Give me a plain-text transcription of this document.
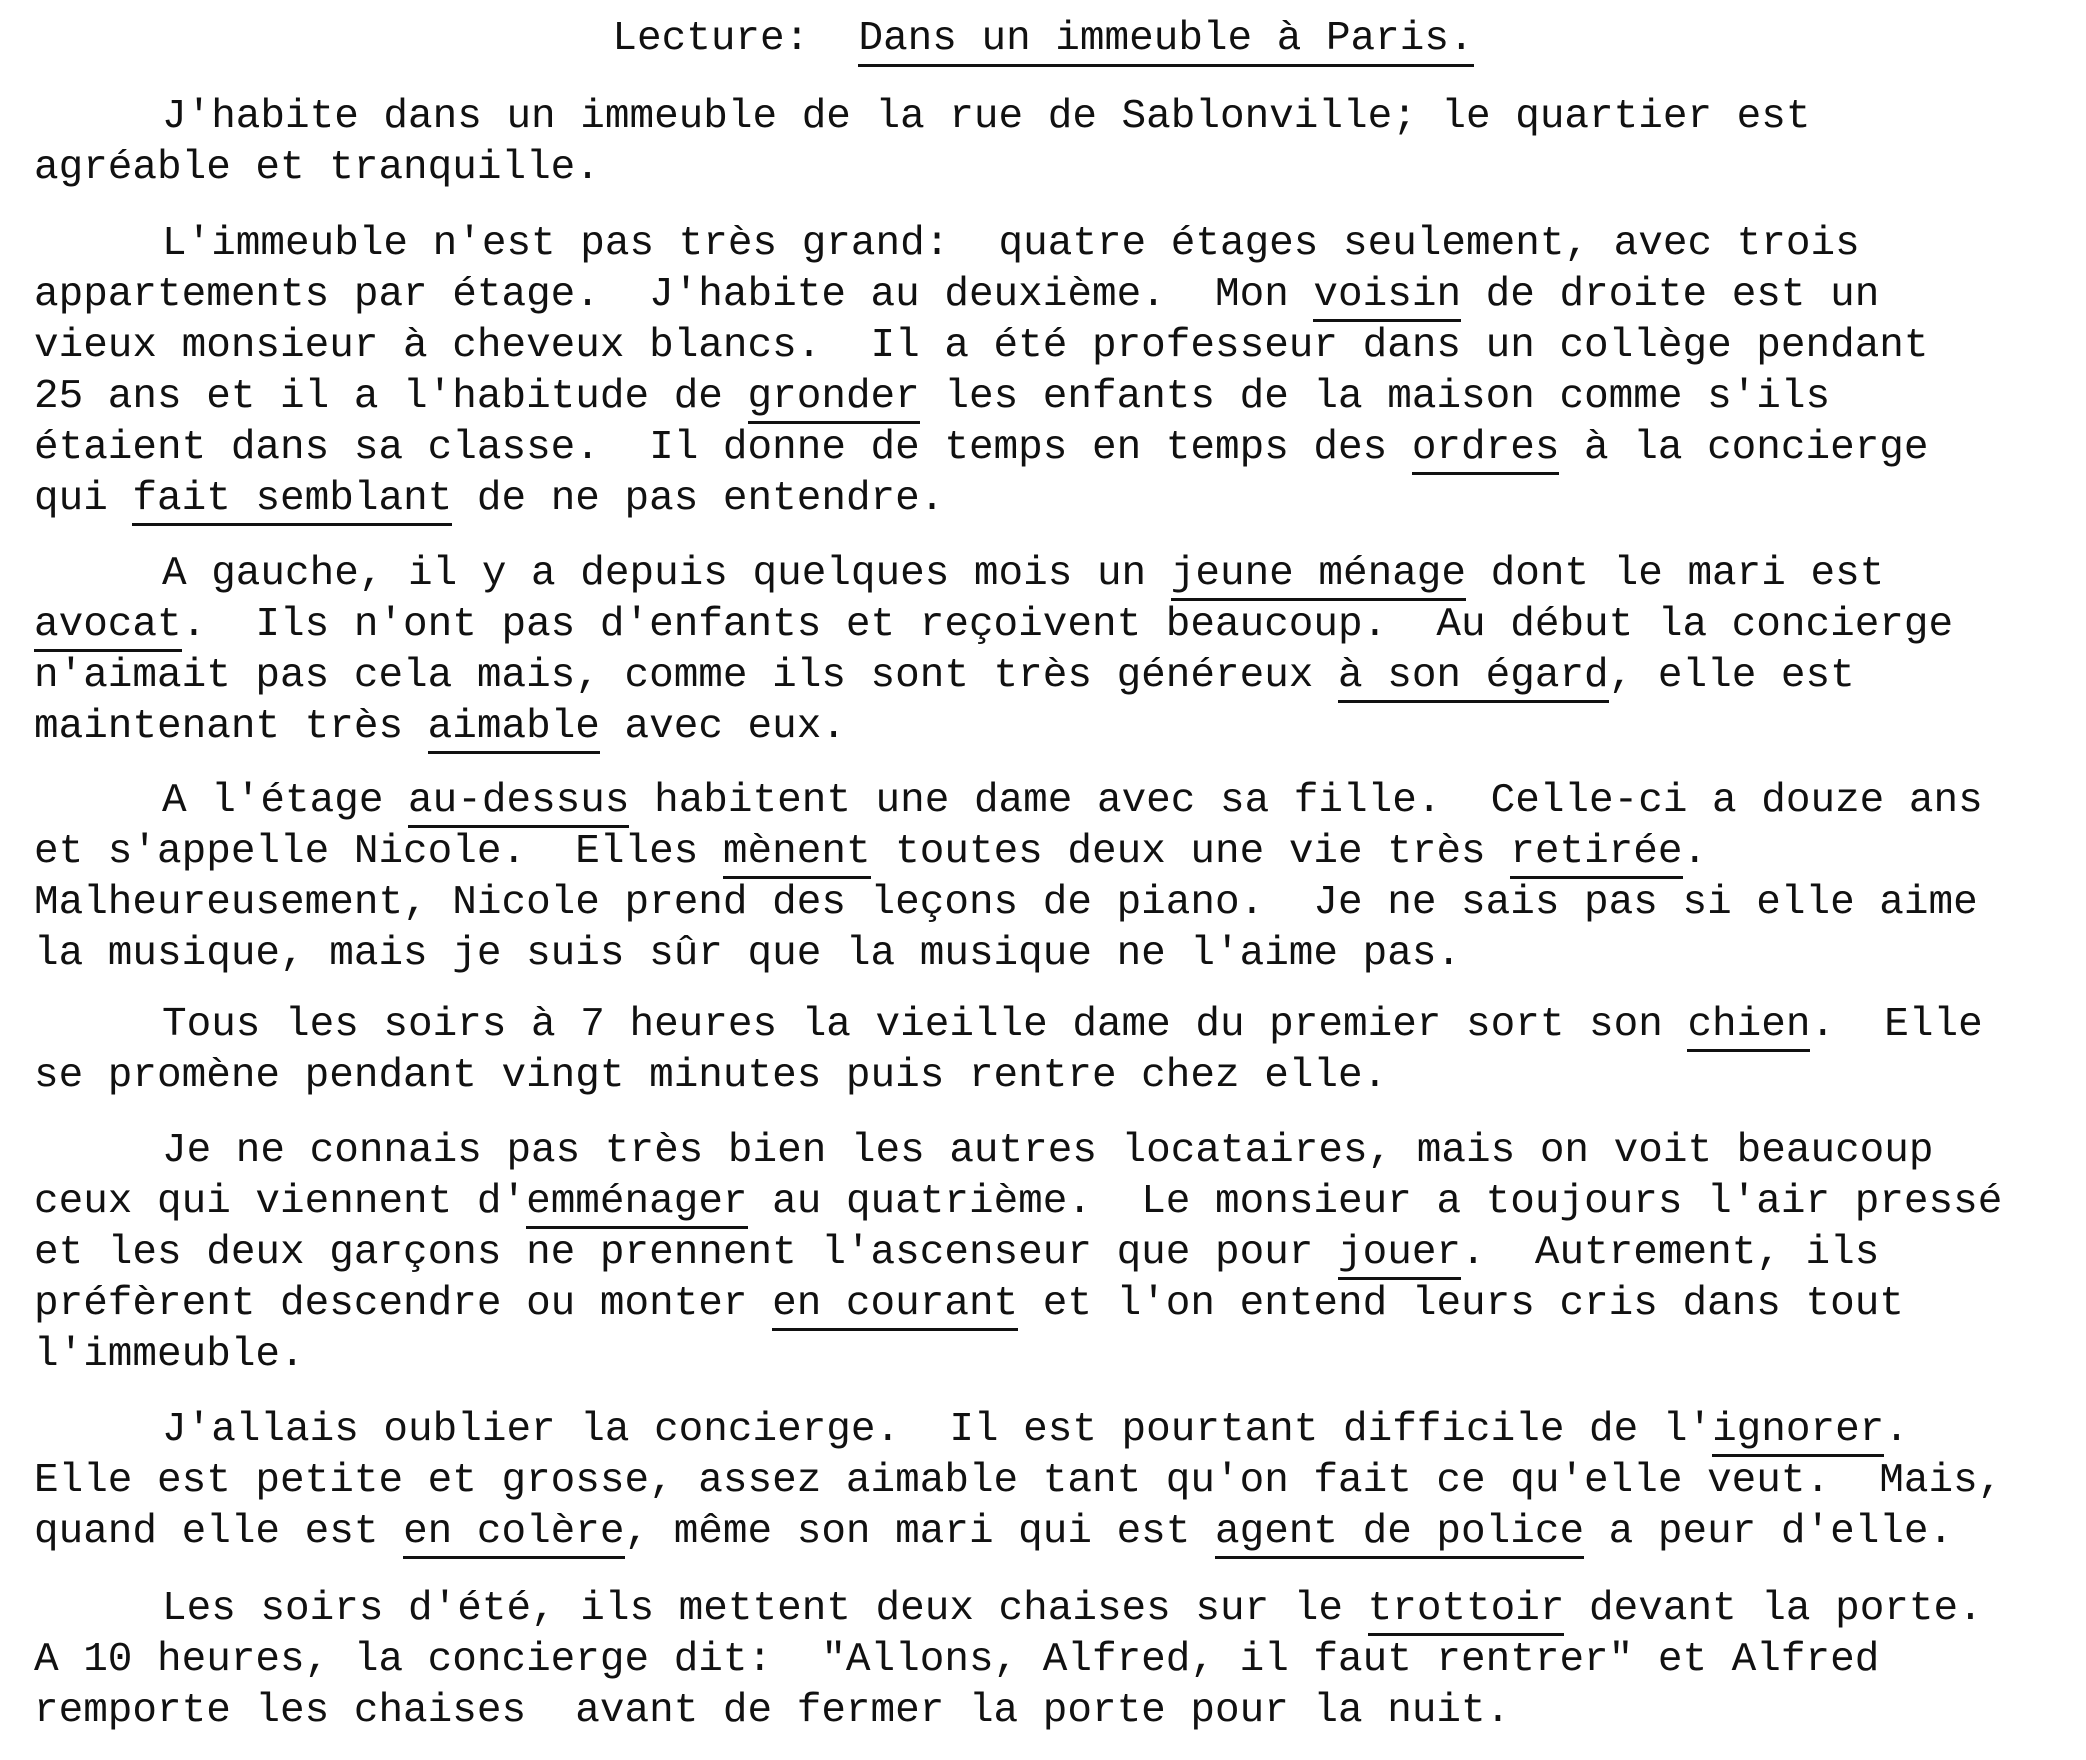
Lecture: Dans un immeuble à Paris.
J'habite dans un immeuble de la rue de Sablonville; le quartier est
agréable et tranquille.
L'immeuble n'est pas très grand:  quatre étages seulement, avec trois
appartements par étage.  J'habite au deuxième.  Mon voisin de droite est un
vieux monsieur à cheveux blancs.  Il a été professeur dans un collège pendant
25 ans et il a l'habitude de gronder les enfants de la maison comme s'ils
étaient dans sa classe.  Il donne de temps en temps des ordres à la concierge
qui fait semblant de ne pas entendre.
A gauche, il y a depuis quelques mois un jeune ménage dont le mari est
avocat.  Ils n'ont pas d'enfants et reçoivent beaucoup.  Au début la concierge
n'aimait pas cela mais, comme ils sont très généreux à son égard, elle est
maintenant très aimable avec eux.
A l'étage au-dessus habitent une dame avec sa fille.  Celle-ci a douze ans
et s'appelle Nicole.  Elles mènent toutes deux une vie très retirée.
Malheureusement, Nicole prend des leçons de piano.  Je ne sais pas si elle aime
la musique, mais je suis sûr que la musique ne l'aime pas.
Tous les soirs à 7 heures la vieille dame du premier sort son chien.  Elle
se promène pendant vingt minutes puis rentre chez elle.
Je ne connais pas très bien les autres locataires, mais on voit beaucoup
ceux qui viennent d'emménager au quatrième.  Le monsieur a toujours l'air pressé
et les deux garçons ne prennent l'ascenseur que pour jouer.  Autrement, ils
préfèrent descendre ou monter en courant et l'on entend leurs cris dans tout
l'immeuble.
J'allais oublier la concierge.  Il est pourtant difficile de l'ignorer.
Elle est petite et grosse, assez aimable tant qu'on fait ce qu'elle veut.  Mais,
quand elle est en colère, même son mari qui est agent de police a peur d'elle.
Les soirs d'été, ils mettent deux chaises sur le trottoir devant la porte.
A 10 heures, la concierge dit:  "Allons, Alfred, il faut rentrer" et Alfred
remporte les chaises  avant de fermer la porte pour la nuit.
